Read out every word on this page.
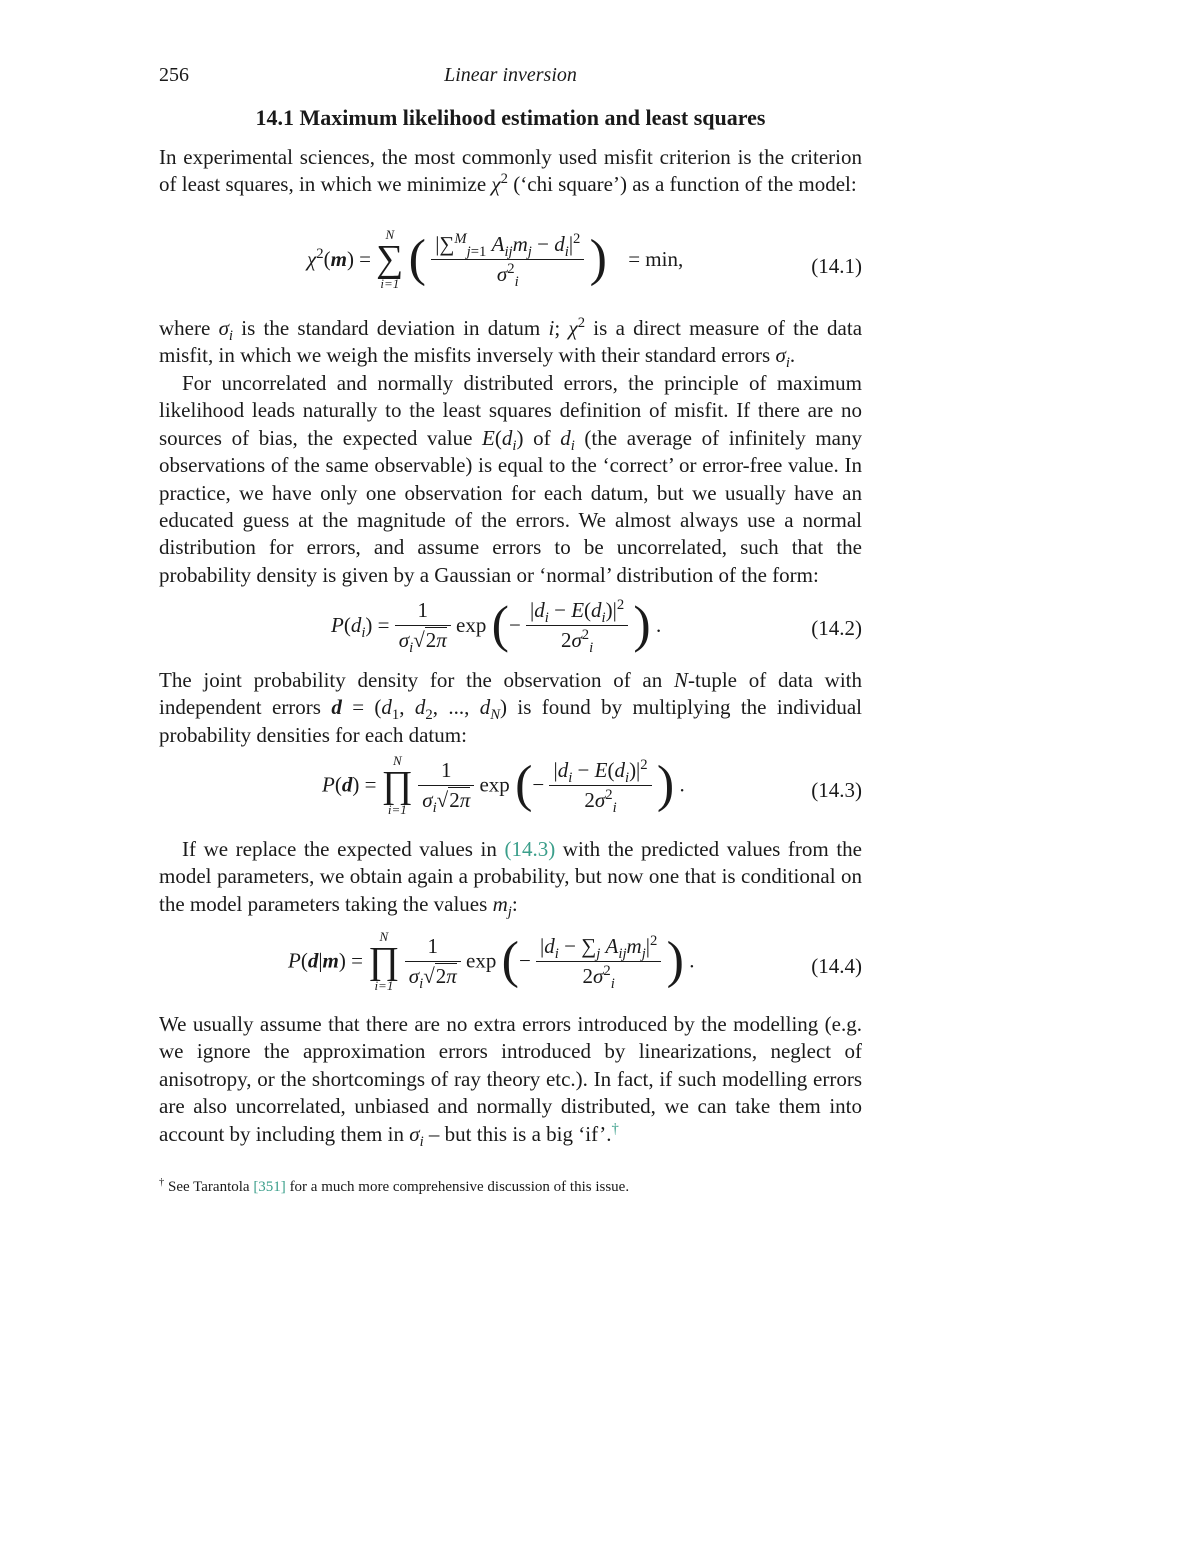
256	Linear inversion
14.1 Maximum likelihood estimation and least squares

In experimental sciences, the most commonly used misfit criterion is the criterion of least squares, in which we minimize $\chi^2$ (‘chi square’) as a function of the model:

$\chi^2(m)$ =
N
∑
i=1 ( $\frac{|\sum^M_{j=1} A_{ij}m_j - d_i|^2}{\sigma^2_i}$ ) = min,	(14.1)

where $\sigma_i$ is the standard deviation in datum i; $\chi^2$ is a direct measure of the data misfit, in which we weigh the misfits inversely with their standard errors $\sigma_i$.

For uncorrelated and normally distributed errors, the principle of maximum likelihood leads naturally to the least squares definition of misfit. If there are no sources of bias, the expected value $E(d_i)$ of $d_i$ (the average of infinitely many observations of the same observable) is equal to the ‘correct’ or error-free value. In practice, we have only one observation for each datum, but we usually have an educated guess at the magnitude of the errors. We almost always use a normal distribution for errors, and assume errors to be uncorrelated, such that the probability density is given by a Gaussian or ‘normal’ distribution of the form:

$P(d_i) = \frac{1}{\sigma_i√2\pi}$ exp (− $\frac{|d_i - E(d_i)|^2}{2\sigma^2_i}$ ) .	(14.2)

The joint probability density for the observation of an N-tuple of data with independent errors $d = (d_1$, $d_2$, ..., $d_N$) is found by multiplying the individual probability densities for each datum:

P(d) =
N
∏
i=1
$\frac{1}{\sigma_i√2\pi}$ exp (− $\frac{|d_i - E(d_i)|^2}{2\sigma^2_i}$ ) .	(14.3)

If we replace the expected values in (14.3) with the predicted values from the model parameters, we obtain again a probability, but now one that is conditional on the model parameters taking the values $m_j$:

P(d|m) =
N
∏
i=1
$\frac{1}{\sigma_i√2\pi}$ exp (− $\frac{|d_i - \sum_j A_{ij}m_j|^2}{2\sigma^2_i}$ ) .	(14.4)

We usually assume that there are no extra errors introduced by the modelling (e.g. we ignore the approximation errors introduced by linearizations, neglect of anisotropy, or the shortcomings of ray theory etc.). In fact, if such modelling errors are also uncorrelated, unbiased and normally distributed, we can take them into account by including them in $\sigma_i$ – but this is a big ‘if’.†

† See Tarantola [351] for a much more comprehensive discussion of this issue.
